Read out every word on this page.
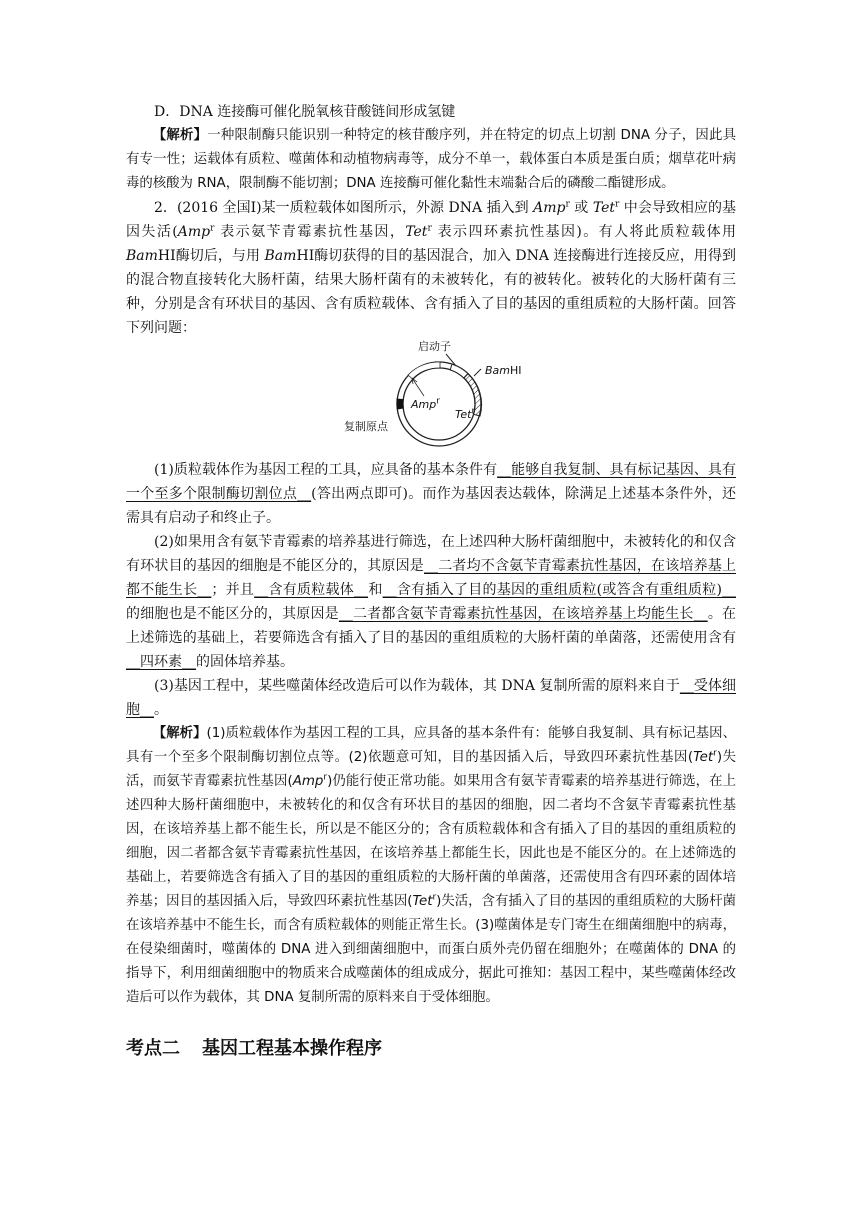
D．DNA 连接酶可催化脱氧核苷酸链间形成氢键

【解析】一种限制酶只能识别一种特定的核苷酸序列，并在特定的切点上切割 DNA 分子，因此具有专一性；运载体有质粒、噬菌体和动植物病毒等，成分不单一，载体蛋白本质是蛋白质；烟草花叶病毒的核酸为 RNA，限制酶不能切割；DNA 连接酶可催化黏性末端黏合后的磷酸二酯键形成。

2．(2016 全国Ⅰ)某一质粒载体如图所示，外源 DNA 插入到 Amp$^r$ 或 Tet$^r$ 中会导致相应的基因失活(Amp$^r$ 表示氨苄青霉素抗性基因，Tet$^r$ 表示四环素抗性基因)。有人将此质粒载体用 BamHⅠ酶切后，与用 BamHⅠ酶切获得的目的基因混合，加入 DNA 连接酶进行连接反应，用得到的混合物直接转化大肠杆菌，结果大肠杆菌有的未被转化，有的被转化。被转化的大肠杆菌有三种，分别是含有环状目的基因、含有质粒载体、含有插入了目的基因的重组质粒的大肠杆菌。回答下列问题：

启动子
BamHⅠ
Amp$^r$
Tet$^r$
复制原点

(1)质粒载体作为基因工程的工具，应具备的基本条件有__能够自我复制、具有标记基因、具有一个至多个限制酶切割位点__(答出两点即可)。而作为基因表达载体，除满足上述基本条件外，还需具有启动子和终止子。

(2)如果用含有氨苄青霉素的培养基进行筛选，在上述四种大肠杆菌细胞中，未被转化的和仅含有环状目的基因的细胞是不能区分的，其原因是__二者均不含氨苄青霉素抗性基因，在该培养基上都不能生长__；并且__含有质粒载体__和__含有插入了目的基因的重组质粒(或答含有重组质粒)__的细胞也是不能区分的，其原因是__二者都含氨苄青霉素抗性基因，在该培养基上均能生长__。在上述筛选的基础上，若要筛选含有插入了目的基因的重组质粒的大肠杆菌的单菌落，还需使用含有__四环素__的固体培养基。

(3)基因工程中，某些噬菌体经改造后可以作为载体，其 DNA 复制所需的原料来自于__受体细胞__。

【解析】(1)质粒载体作为基因工程的工具，应具备的基本条件有：能够自我复制、具有标记基因、具有一个至多个限制酶切割位点等。(2)依题意可知，目的基因插入后，导致四环素抗性基因(Tet$^r$)失活，而氨苄青霉素抗性基因(Amp$^r$)仍能行使正常功能。如果用含有氨苄青霉素的培养基进行筛选，在上述四种大肠杆菌细胞中，未被转化的和仅含有环状目的基因的细胞，因二者均不含氨苄青霉素抗性基因，在该培养基上都不能生长，所以是不能区分的；含有质粒载体和含有插入了目的基因的重组质粒的细胞，因二者都含氨苄青霉素抗性基因，在该培养基上都能生长，因此也是不能区分的。在上述筛选的基础上，若要筛选含有插入了目的基因的重组质粒的大肠杆菌的单菌落，还需使用含有四环素的固体培养基；因目的基因插入后，导致四环素抗性基因(Tet$^r$)失活，含有插入了目的基因的重组质粒的大肠杆菌在该培养基中不能生长，而含有质粒载体的则能正常生长。(3)噬菌体是专门寄生在细菌细胞中的病毒，在侵染细菌时，噬菌体的 DNA 进入到细菌细胞中，而蛋白质外壳仍留在细胞外；在噬菌体的 DNA 的指导下，利用细菌细胞中的物质来合成噬菌体的组成成分，据此可推知：基因工程中，某些噬菌体经改造后可以作为载体，其 DNA 复制所需的原料来自于受体细胞。

考点二 基因工程基本操作程序
